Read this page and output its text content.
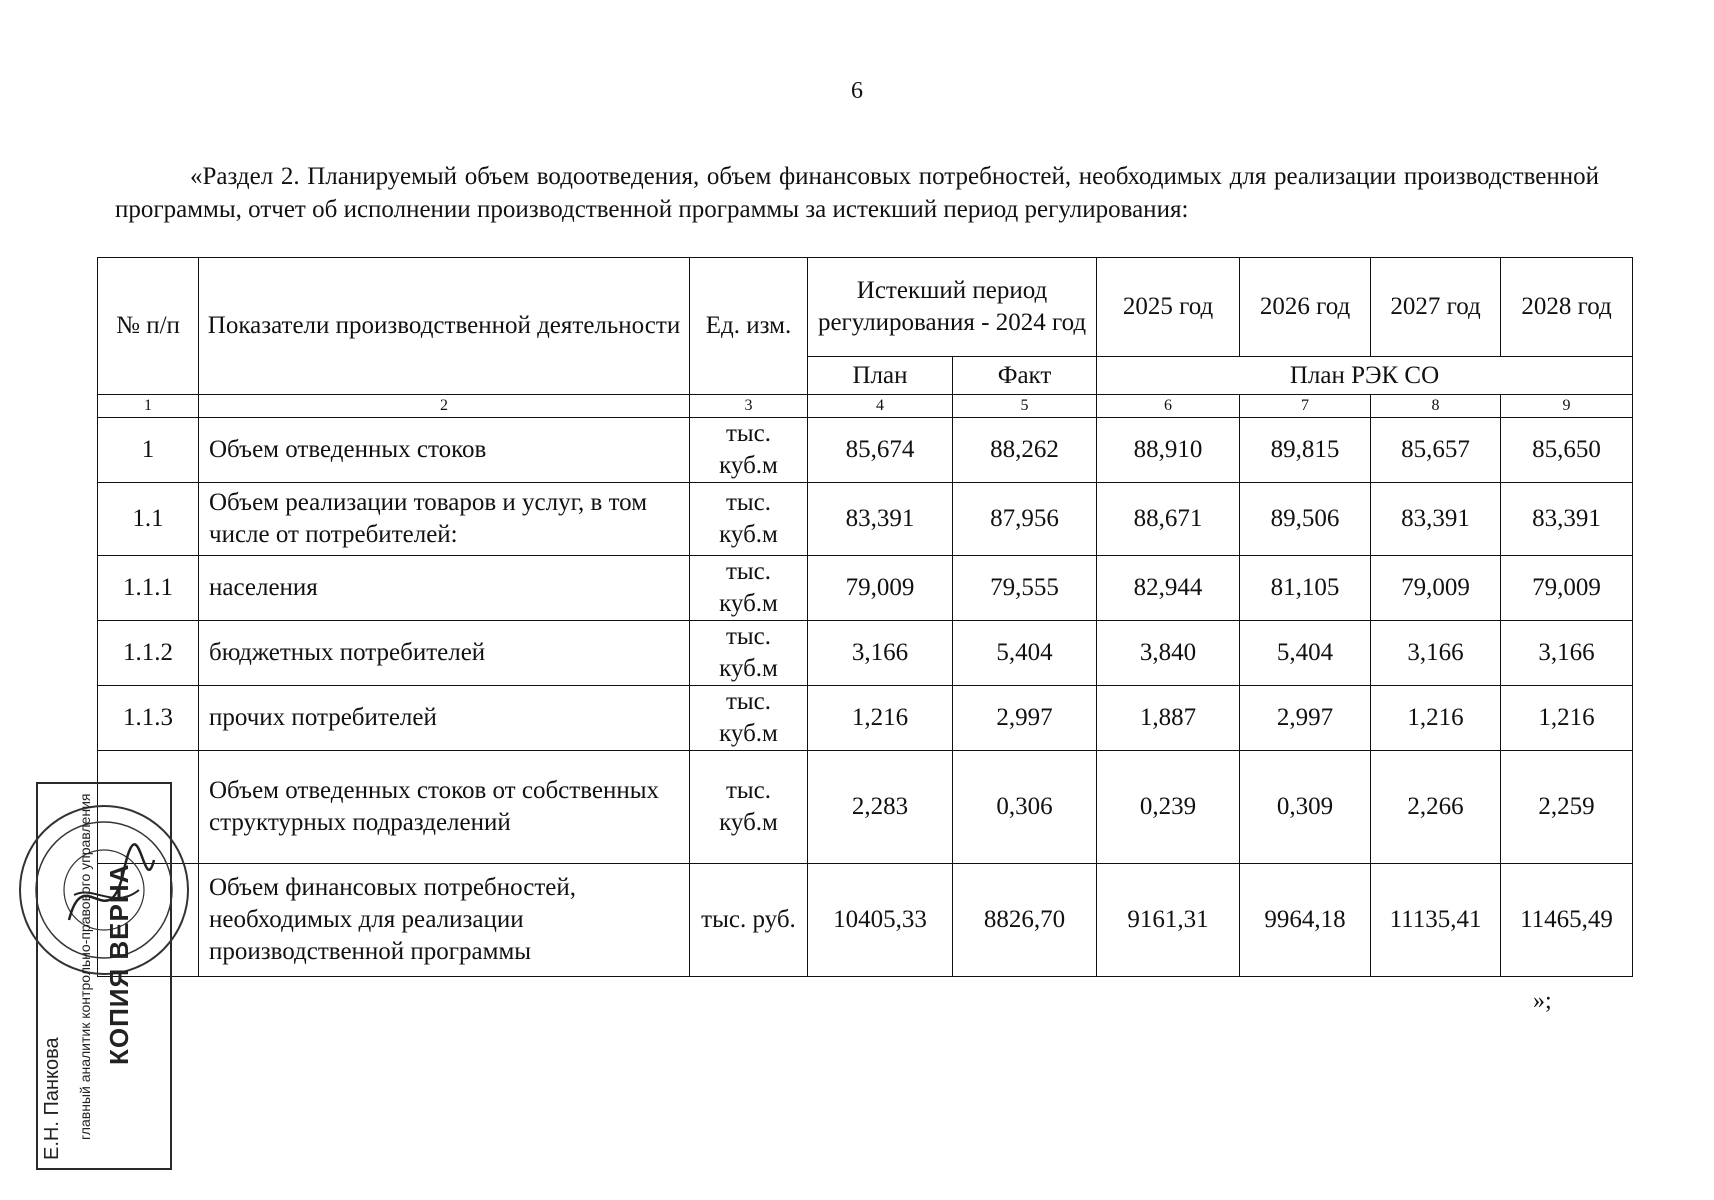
6
«Раздел 2. Планируемый объем водоотведения, объем финансовых потребностей, необходимых для реализации производственной программы, отчет об исполнении производственной программы за истекший период регулирования:
№ п/п	Показатели производственной деятельности	Ед. изм.	Истекший период регулирования - 2024 год		2025 год	2026 год	2027 год	2028 год
			План	Факт	План РЭК СО			
1	2	3	4	5	6	7	8	9
1	Объем отведенных стоков	тыс. куб.м	85,674	88,262	88,910	89,815	85,657	85,650
1.1	Объем реализации товаров и услуг, в том числе от потребителей:	тыс. куб.м	83,391	87,956	88,671	89,506	83,391	83,391
1.1.1	населения	тыс. куб.м	79,009	79,555	82,944	81,105	79,009	79,009
1.1.2	бюджетных потребителей	тыс. куб.м	3,166	5,404	3,840	5,404	3,166	3,166
1.1.3	прочих потребителей	тыс. куб.м	1,216	2,997	1,887	2,997	1,216	1,216
	Объем отведенных стоков от собственных структурных подразделений	тыс. куб.м	2,283	0,306	0,239	0,309	2,266	2,259
	Объем финансовых потребностей, необходимых для реализации производственной программы	тыс. руб.	10405,33	8826,70	9161,31	9964,18	11135,41	11465,49
»;
КОПИЯ ВЕРНА
главный аналитик контрольно-правового управления
Е.Н. Панкова
